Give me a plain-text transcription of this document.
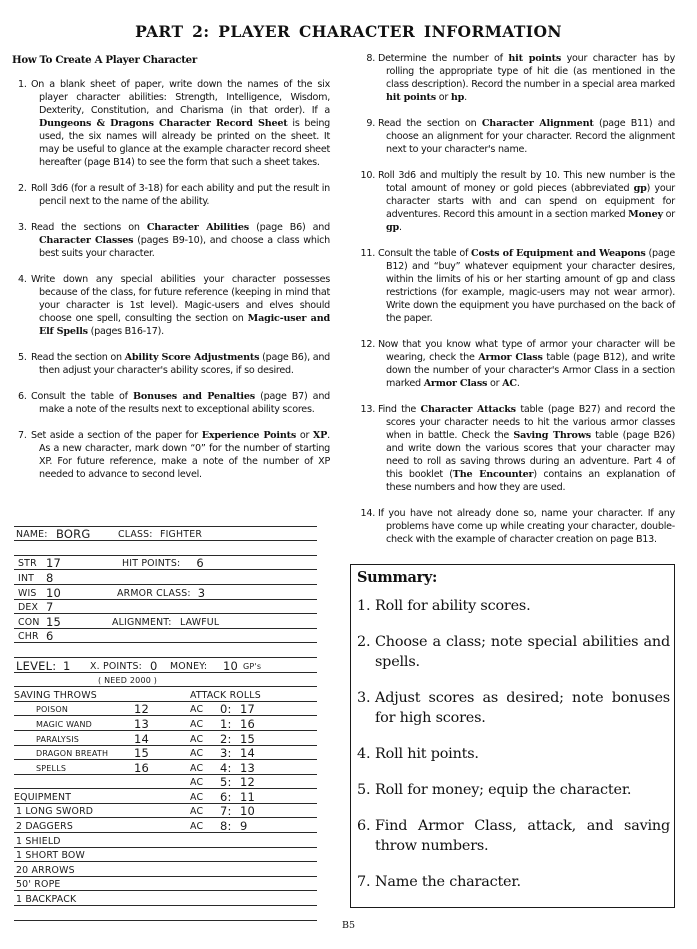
PART 2: PLAYER CHARACTER INFORMATION
How To Create A Player Character
1. On a blank sheet of paper, write down the names of the six player character abilities: Strength, Intelligence, Wisdom, Dexterity, Constitution, and Charisma (in that order). If a Dungeons & Dragons Character Record Sheet is being used, the six names will already be printed on the sheet. It may be useful to glance at the example character record sheet hereafter (page B14) to see the form that such a sheet takes.
2. Roll 3d6 (for a result of 3-18) for each ability and put the result in pencil next to the name of the ability.
3. Read the sections on Character Abilities (page B6) and Character Classes (pages B9-10), and choose a class which best suits your character.
4. Write down any special abilities your character possesses because of the class, for future reference (keeping in mind that your character is 1st level). Magic-users and elves should choose one spell, consulting the section on Magic-user and Elf Spells (pages B16-17).
5. Read the section on Ability Score Adjustments (page B6), and then adjust your character's ability scores, if so desired.
6. Consult the table of Bonuses and Penalties (page B7) and make a note of the results next to exceptional ability scores.
7. Set aside a section of the paper for Experience Points or XP. As a new character, mark down “0” for the number of starting XP. For future reference, make a note of the number of XP needed to advance to second level.
8. Determine the number of hit points your character has by rolling the appropriate type of hit die (as mentioned in the class description). Record the number in a special area marked hit points or hp.
9. Read the section on Character Alignment (page B11) and choose an alignment for your character. Record the alignment next to your character's name.
10. Roll 3d6 and multiply the result by 10. This new number is the total amount of money or gold pieces (abbreviated gp) your character starts with and can spend on equipment for adventures. Record this amount in a section marked Money or gp.
11. Consult the table of Costs of Equipment and Weapons (page B12) and “buy” whatever equipment your character desires, within the limits of his or her starting amount of gp and class restrictions (for example, magic-users may not wear armor). Write down the equipment you have purchased on the back of the paper.
12. Now that you know what type of armor your character will be wearing, check the Armor Class table (page B12), and write down the number of your character's Armor Class in a section marked Armor Class or AC.
13. Find the Character Attacks table (page B27) and record the scores your character needs to hit the various armor classes when in battle. Check the Saving Throws table (page B26) and write down the various scores that your character may need to roll as saving throws during an adventure. Part 4 of this booklet (The Encounter) contains an explanation of these numbers and how they are used.
14. If you have not already done so, name your character. If any problems have come up while creating your character, double-check with the example of character creation on page B13.
NAME: BORG	CLASS: FIGHTER
STR 17	HIT POINTS: 6
INT 8
WIS 10	ARMOR CLASS: 3
DEX 7
CON 15	ALIGNMENT: LAWFUL
CHR 6
LEVEL: 1 X. POINTS: 0 MONEY: 10 GP's
( NEED 2000 )
SAVING THROWS	ATTACK ROLLS
POISON	12	AC 0: 17
MAGIC WAND	13	AC 1: 16
PARALYSIS	14	AC 2: 15
DRAGON BREATH 15	AC 3: 14
SPELLS	16	AC 4: 13
AC 5: 12
EQUIPMENT	AC 6: 11
1 LONG SWORD	AC 7: 10
2 DAGGERS	AC 8: 9
1 SHIELD
1 SHORT BOW
20 ARROWS
50' ROPE
1 BACKPACK
Summary:
1. Roll for ability scores.
2. Choose a class; note special abilities and spells.
3. Adjust scores as desired; note bonuses for high scores.
4. Roll hit points.
5. Roll for money; equip the character.
6. Find Armor Class, attack, and saving throw numbers.
7. Name the character.
B5
